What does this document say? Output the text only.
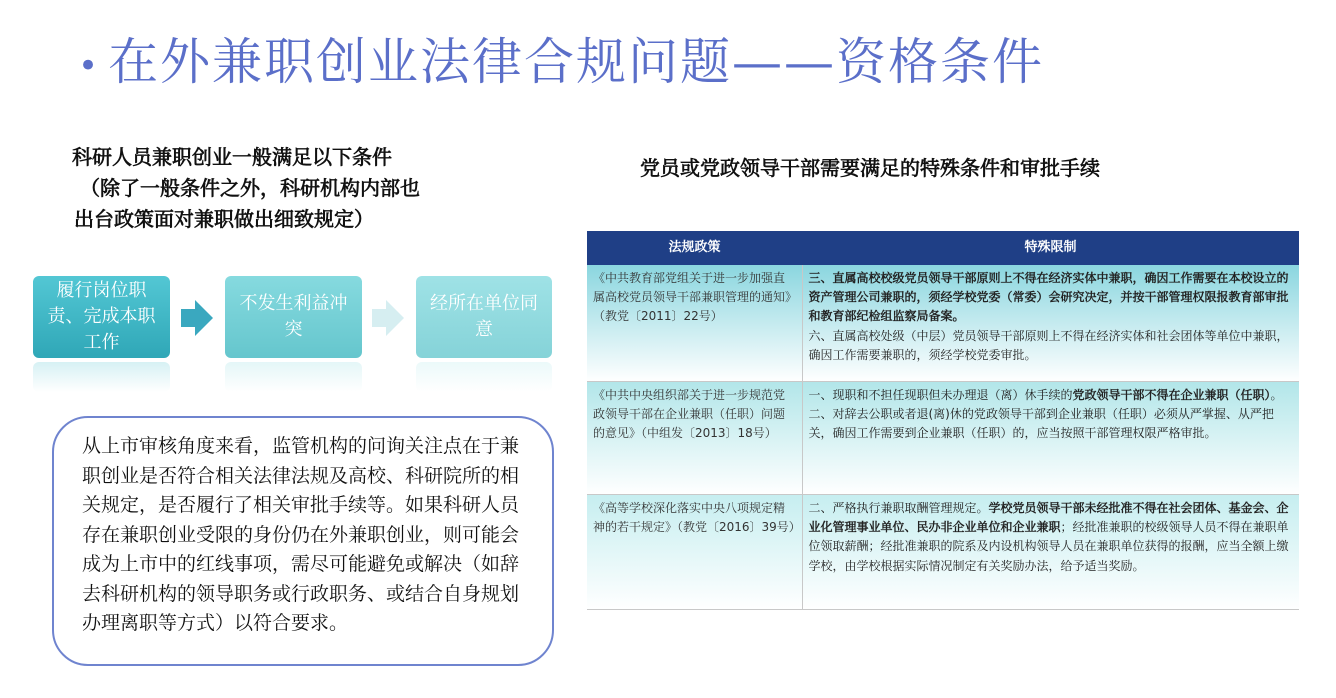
• 在外兼职创业法律合规问题——资格条件
科研人员兼职创业一般满足以下条件
（除了一般条件之外，科研机构内部也
出台政策面对兼职做出细致规定）
履行岗位职责、完成本职工作
不发生利益冲突
经所在单位同意
从上市审核角度来看，监管机构的问询关注点在于兼职创业是否符合相关法律法规及高校、科研院所的相关规定，是否履行了相关审批手续等。如果科研人员存在兼职创业受限的身份仍在外兼职创业，则可能会成为上市中的红线事项，需尽可能避免或解决（如辞去科研机构的领导职务或行政职务、或结合自身规划办理离职等方式）以符合要求。
党员或党政领导干部需要满足的特殊条件和审批手续
法规政策	特殊限制
《中共教育部党组关于进一步加强直属高校党员领导干部兼职管理的通知》（教党〔2011〕22号）	三、直属高校校级党员领导干部原则上不得在经济实体中兼职，确因工作需要在本校设立的资产管理公司兼职的，须经学校党委（常委）会研究决定，并按干部管理权限报教育部审批和教育部纪检组监察局备案。

六、直属高校处级（中层）党员领导干部原则上不得在经济实体和社会团体等单位中兼职，确因工作需要兼职的，须经学校党委审批。

《中共中央组织部关于进一步规范党政领导干部在企业兼职（任职）问题的意见》（中组发〔2013〕18号）	一、现职和不担任现职但未办理退（离）休手续的党政领导干部不得在企业兼职（任职）。

二、对辞去公职或者退(离)休的党政领导干部到企业兼职（任职）必须从严掌握、从严把关，确因工作需要到企业兼职（任职）的，应当按照干部管理权限严格审批。

《高等学校深化落实中央八项规定精神的若干规定》（教党〔2016〕39号）	二、严格执行兼职取酬管理规定。学校党员领导干部未经批准不得在社会团体、基金会、企业化管理事业单位、民办非企业单位和企业兼职；经批准兼职的校级领导人员不得在兼职单位领取薪酬；经批准兼职的院系及内设机构领导人员在兼职单位获得的报酬，应当全额上缴学校，由学校根据实际情况制定有关奖励办法，给予适当奖励。
